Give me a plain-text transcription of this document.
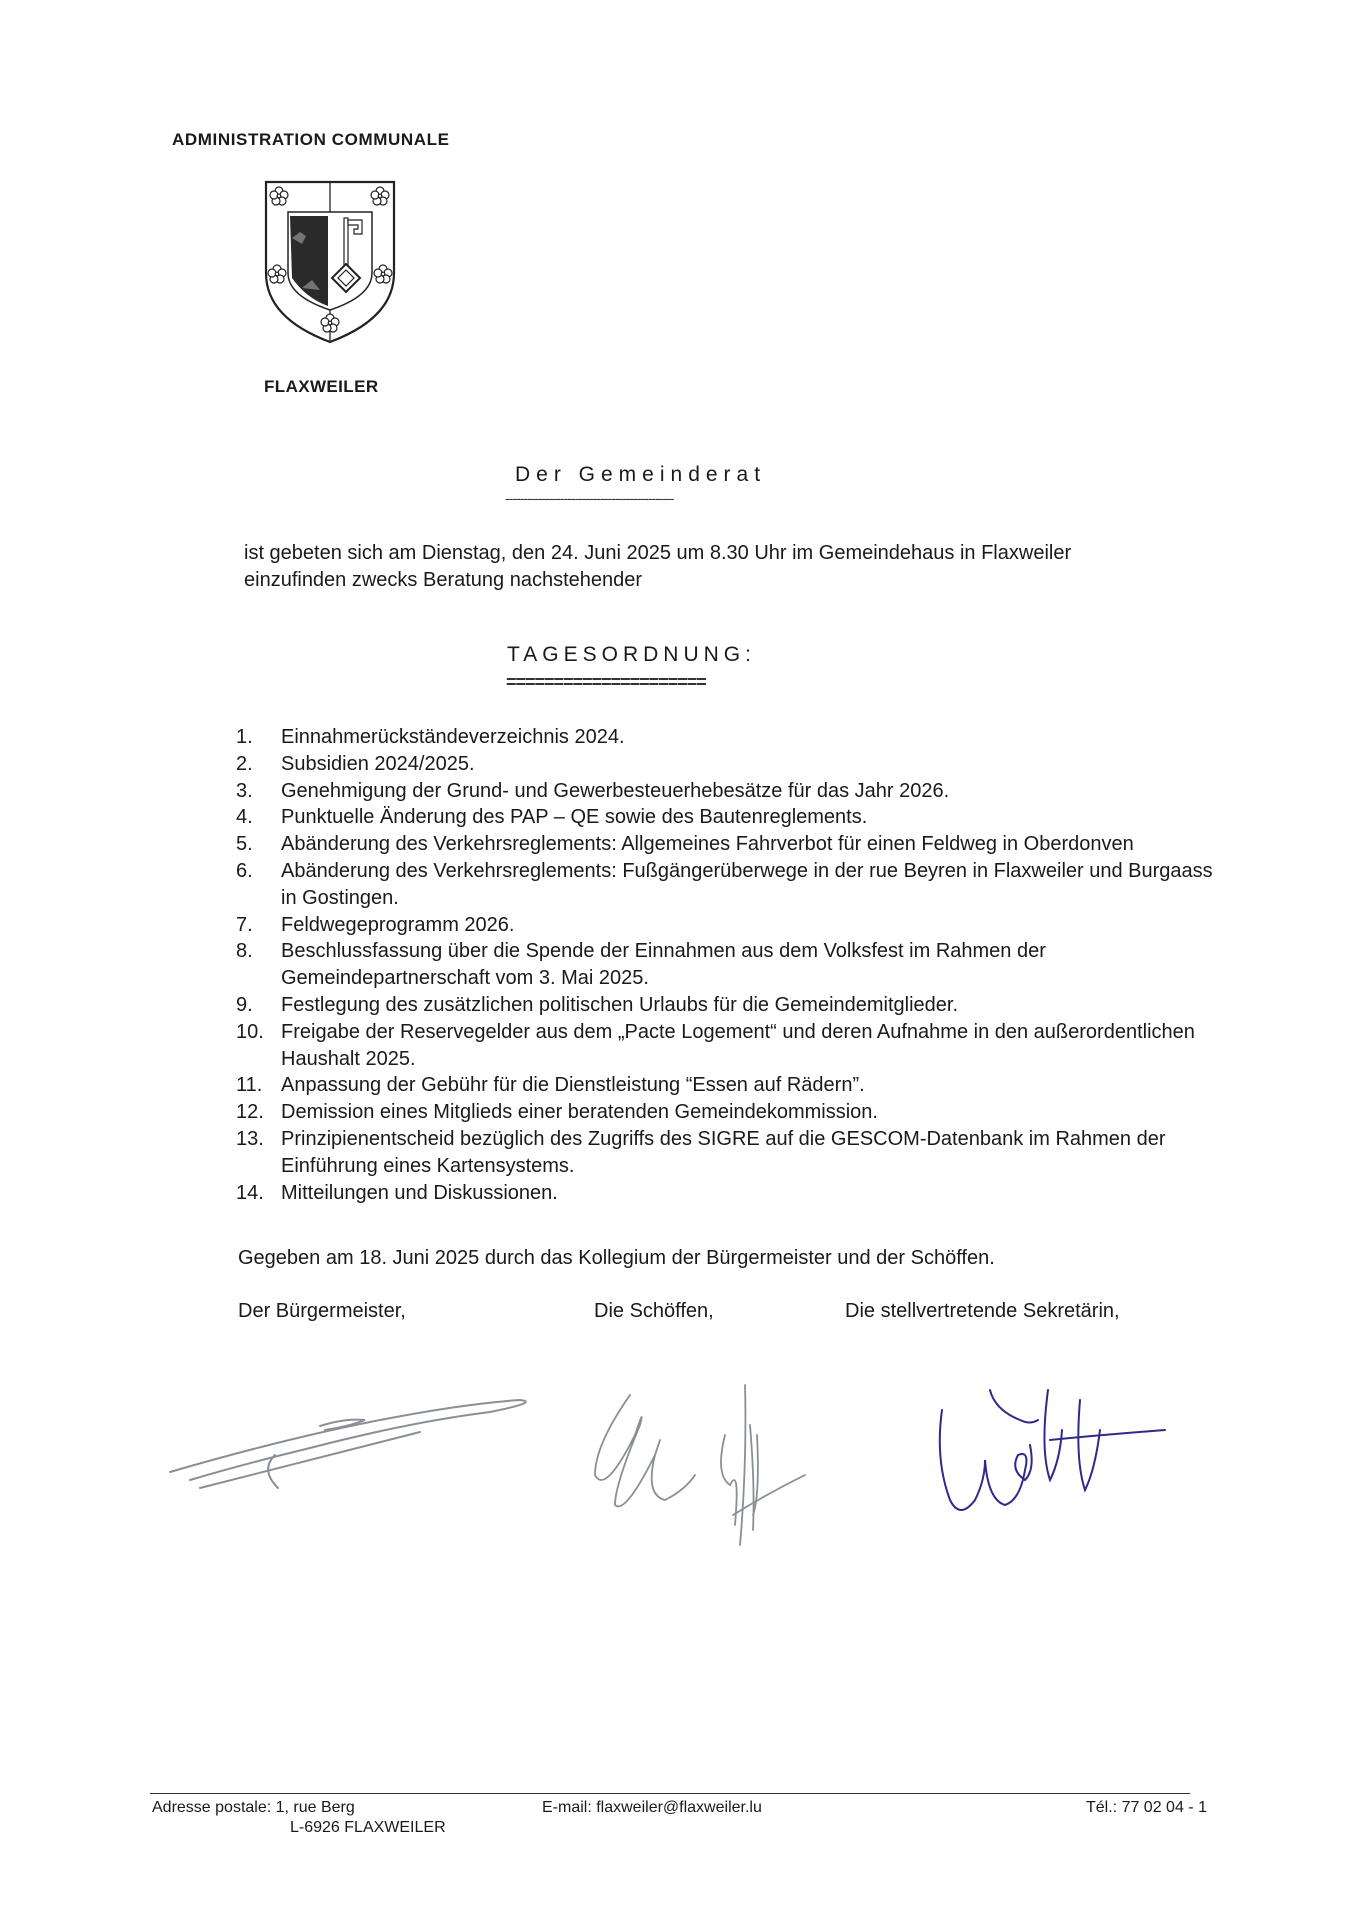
ADMINISTRATION COMMUNALE
FLAXWEILER
Der Gemeinderat
----------------------------------------------
ist gebeten sich am Dienstag, den 24. Juni 2025 um 8.30 Uhr im Gemeindehaus in Flaxweiler einzufinden zwecks Beratung nachstehender
TAGESORDNUNG:
=====================
1.	Einnahmerückständeverzeichnis 2024.
2.	Subsidien 2024/2025.
3.	Genehmigung der Grund- und Gewerbesteuerhebesätze für das Jahr 2026.
4.	Punktuelle Änderung des PAP – QE sowie des Bautenreglements.
5.	Abänderung des Verkehrsreglements: Allgemeines Fahrverbot für einen Feldweg in Oberdonven
6.	Abänderung des Verkehrsreglements: Fußgängerüberwege in der rue Beyren in Flaxweiler und Burgaass in Gostingen.
7.	Feldwegeprogramm 2026.
8.	Beschlussfassung über die Spende der Einnahmen aus dem Volksfest im Rahmen der Gemeindepartnerschaft vom 3. Mai 2025.
9.	Festlegung des zusätzlichen politischen Urlaubs für die Gemeindemitglieder.
10. Freigabe der Reservegelder aus dem „Pacte Logement“ und deren Aufnahme in den außerordentlichen Haushalt 2025.
11. Anpassung der Gebühr für die Dienstleistung “Essen auf Rädern”.
12. Demission eines Mitglieds einer beratenden Gemeindekommission.
13. Prinzipienentscheid bezüglich des Zugriffs des SIGRE auf die GESCOM-Datenbank im Rahmen der Einführung eines Kartensystems.
14. Mitteilungen und Diskussionen.
Gegeben am 18. Juni 2025 durch das Kollegium der Bürgermeister und der Schöffen.
Der Bürgermeister,	Die Schöffen,	Die stellvertretende Sekretärin,
Adresse postale: 1, rue Berg
L-6926 FLAXWEILER
E-mail: flaxweiler@flaxweiler.lu	Tél.: 77 02 04 - 1
